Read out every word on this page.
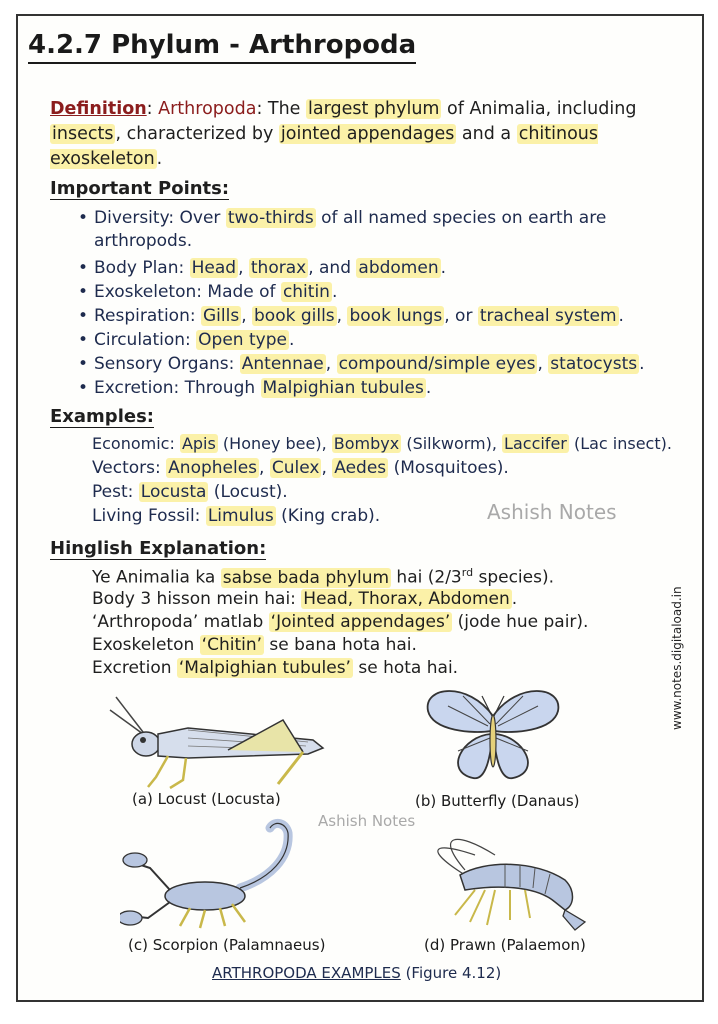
4.2.7 Phylum - Arthropoda
Definition: Arthropoda: The largest phylum of Animalia, including insects , characterized by jointed appendages and a chitinous exoskeleton .
Important Points:
• Diversity: Over two-thirds of all named species on earth are arthropods.
• Body Plan: Head , thorax , and abdomen .
• Exoskeleton: Made of chitin .
• Respiration: Gills , book gills , book lungs , or tracheal system .
• Circulation: Open type .
• Sensory Organs: Antennae , compound/simple eyes , statocysts .
• Excretion: Through Malpighian tubules .
Examples:
Economic: Apis (Honey bee), Bombyx (Silkworm), Laccifer (Lac insect).
Vectors: Anopheles , Culex , Aedes (Mosquitoes).
Pest: Locusta (Locust).
Living Fossil: Limulus (King crab).	Ashish Notes
Hinglish Explanation:
Ye Animalia ka sabse bada phylum hai (2/3rd species).
Body 3 hisson mein hai: Head, Thorax, Abdomen .
‘Arthropoda’ matlab ‘Jointed appendages’ (jode hue pair).
Exoskeleton ‘Chitin’ se bana hota hai.
Excretion ‘Malpighian tubules’ se hota hai.
(a) Locust (Locusta)	(b) Butterfly (Danaus)
Ashish Notes
(c) Scorpion (Palamnaeus)	(d) Prawn (Palaemon)
ARTHROPODA EXAMPLES (Figure 4.12)
www.notes.digitaload.in
